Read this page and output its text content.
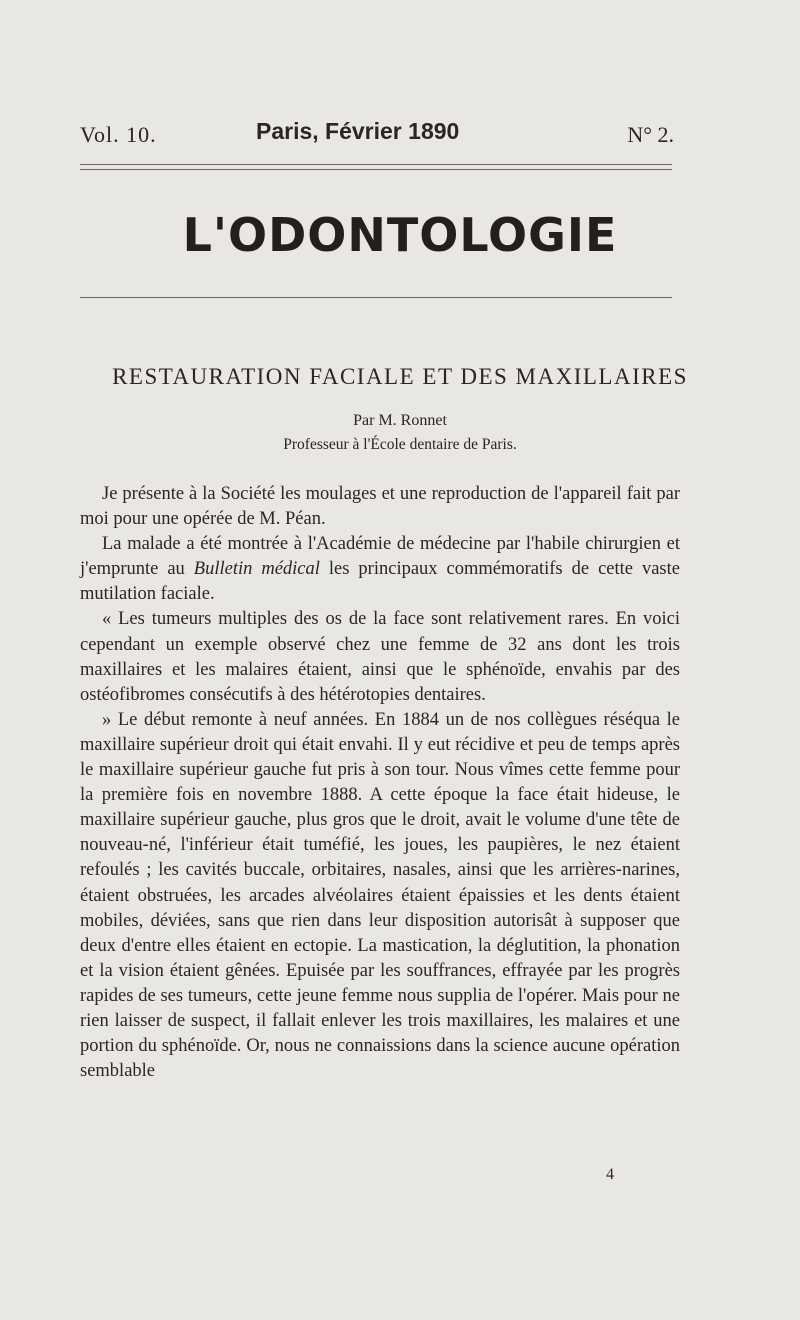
Vol. 10.	Paris, Février 1890	N° 2.
L'ODONTOLOGIE
RESTAURATION FACIALE ET DES MAXILLAIRES
Par M. Ronnet
Professeur à l'École dentaire de Paris.

Je présente à la Société les moulages et une reproduction de l'appareil fait par moi pour une opérée de M. Péan.

La malade a été montrée à l'Académie de médecine par l'habile chirurgien et j'emprunte au Bulletin médical les principaux commémoratifs de cette vaste mutilation faciale.

« Les tumeurs multiples des os de la face sont relativement rares. En voici cependant un exemple observé chez une femme de 32 ans dont les trois maxillaires et les malaires étaient, ainsi que le sphénoïde, envahis par des ostéofibromes consécutifs à des hétérotopies dentaires.

» Le début remonte à neuf années. En 1884 un de nos collègues réséqua le maxillaire supérieur droit qui était envahi. Il y eut récidive et peu de temps après le maxillaire supérieur gauche fut pris à son tour. Nous vîmes cette femme pour la première fois en novembre 1888. A cette époque la face était hideuse, le maxillaire supérieur gauche, plus gros que le droit, avait le volume d'une tête de nouveau-né, l'inférieur était tuméfié, les joues, les paupières, le nez étaient refoulés ; les cavités buccale, orbitaires, nasales, ainsi que les arrières-narines, étaient obstruées, les arcades alvéolaires étaient épaissies et les dents étaient mobiles, déviées, sans que rien dans leur disposition autorisât à supposer que deux d'entre elles étaient en ectopie. La mastication, la déglutition, la phonation et la vision étaient gênées. Epuisée par les souffrances, effrayée par les progrès rapides de ses tumeurs, cette jeune femme nous supplia de l'opérer. Mais pour ne rien laisser de suspect, il fallait enlever les trois maxillaires, les malaires et une portion du sphénoïde. Or, nous ne connaissions dans la science aucune opération semblable

4
